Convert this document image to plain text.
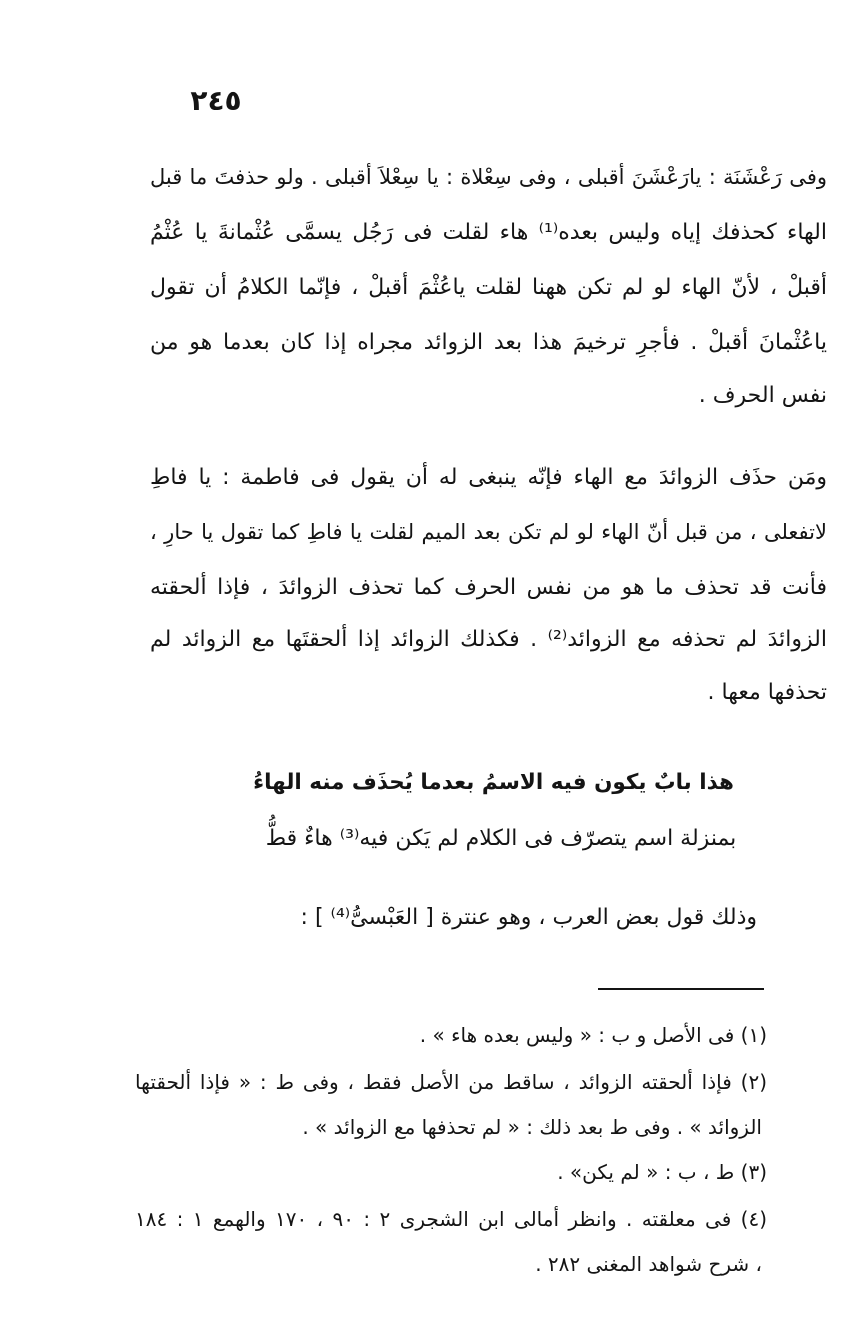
٢٤٥
وفى رَعْشَنَة : يارَعْشَنَ أقبلى ، وفى سِعْلاة : يا سِعْلاَ أقبلى . ولو حذفتَ ما قبل
الهاء كحذفك إياه وليس بعده⁽¹⁾ هاء لقلت فى رَجُل يسمَّى عُثْمانةَ يا عُثْمُ
أقبلْ ، لأنّ الهاء لو لم تكن ههنا لقلت ياعُثْمَ أقبلْ ، فإنّما الكلامُ أن تقول
ياعُثْمانَ أقبلْ . فأجرِ ترخيمَ هذا بعد الزوائد مجراه إذا كان بعدما هو من
نفس الحرف .
ومَن حذَف الزوائدَ مع الهاء فإنّه ينبغى له أن يقول فى فاطمة : يا فاطِ
لاتفعلى ، من قبل أنّ الهاء لو لم تكن بعد الميم لقلت يا فاطِ كما تقول يا حارِ ،
فأنت قد تحذف ما هو من نفس الحرف كما تحذف الزوائدَ ، فإذا ألحقته
الزوائدَ لم تحذفه مع الزوائد⁽²⁾ . فكذلك الزوائد إذا ألحقتَها مع الزوائد لم
تحذفها معها .
هذا بابٌ يكون فيه الاسمُ بعدما يُحذَف منه الهاءُ
بمنزلة اسم يتصرّف فى الكلام لم يَكن فيه⁽³⁾ هاءٌ قطُّ
وذلك قول بعض العرب ، وهو عنترة [ العَبْسىُّ⁽⁴⁾ ] :
(١) فى الأصل و ب : « وليس بعده هاء » .
(٢) فإذا ألحقته الزوائد ، ساقط من الأصل فقط ، وفى ط : « فإذا ألحقتها
الزوائد » . وفى ط بعد ذلك : « لم تحذفها مع الزوائد » .
(٣) ط ، ب : « لم يكن» .
(٤) فى معلقته . وانظر أمالى ابن الشجرى ٢ : ٩٠ ، ١٧٠ والهمع ١ : ١٨٤
، شرح شواهد المغنى ٢٨٢ .
